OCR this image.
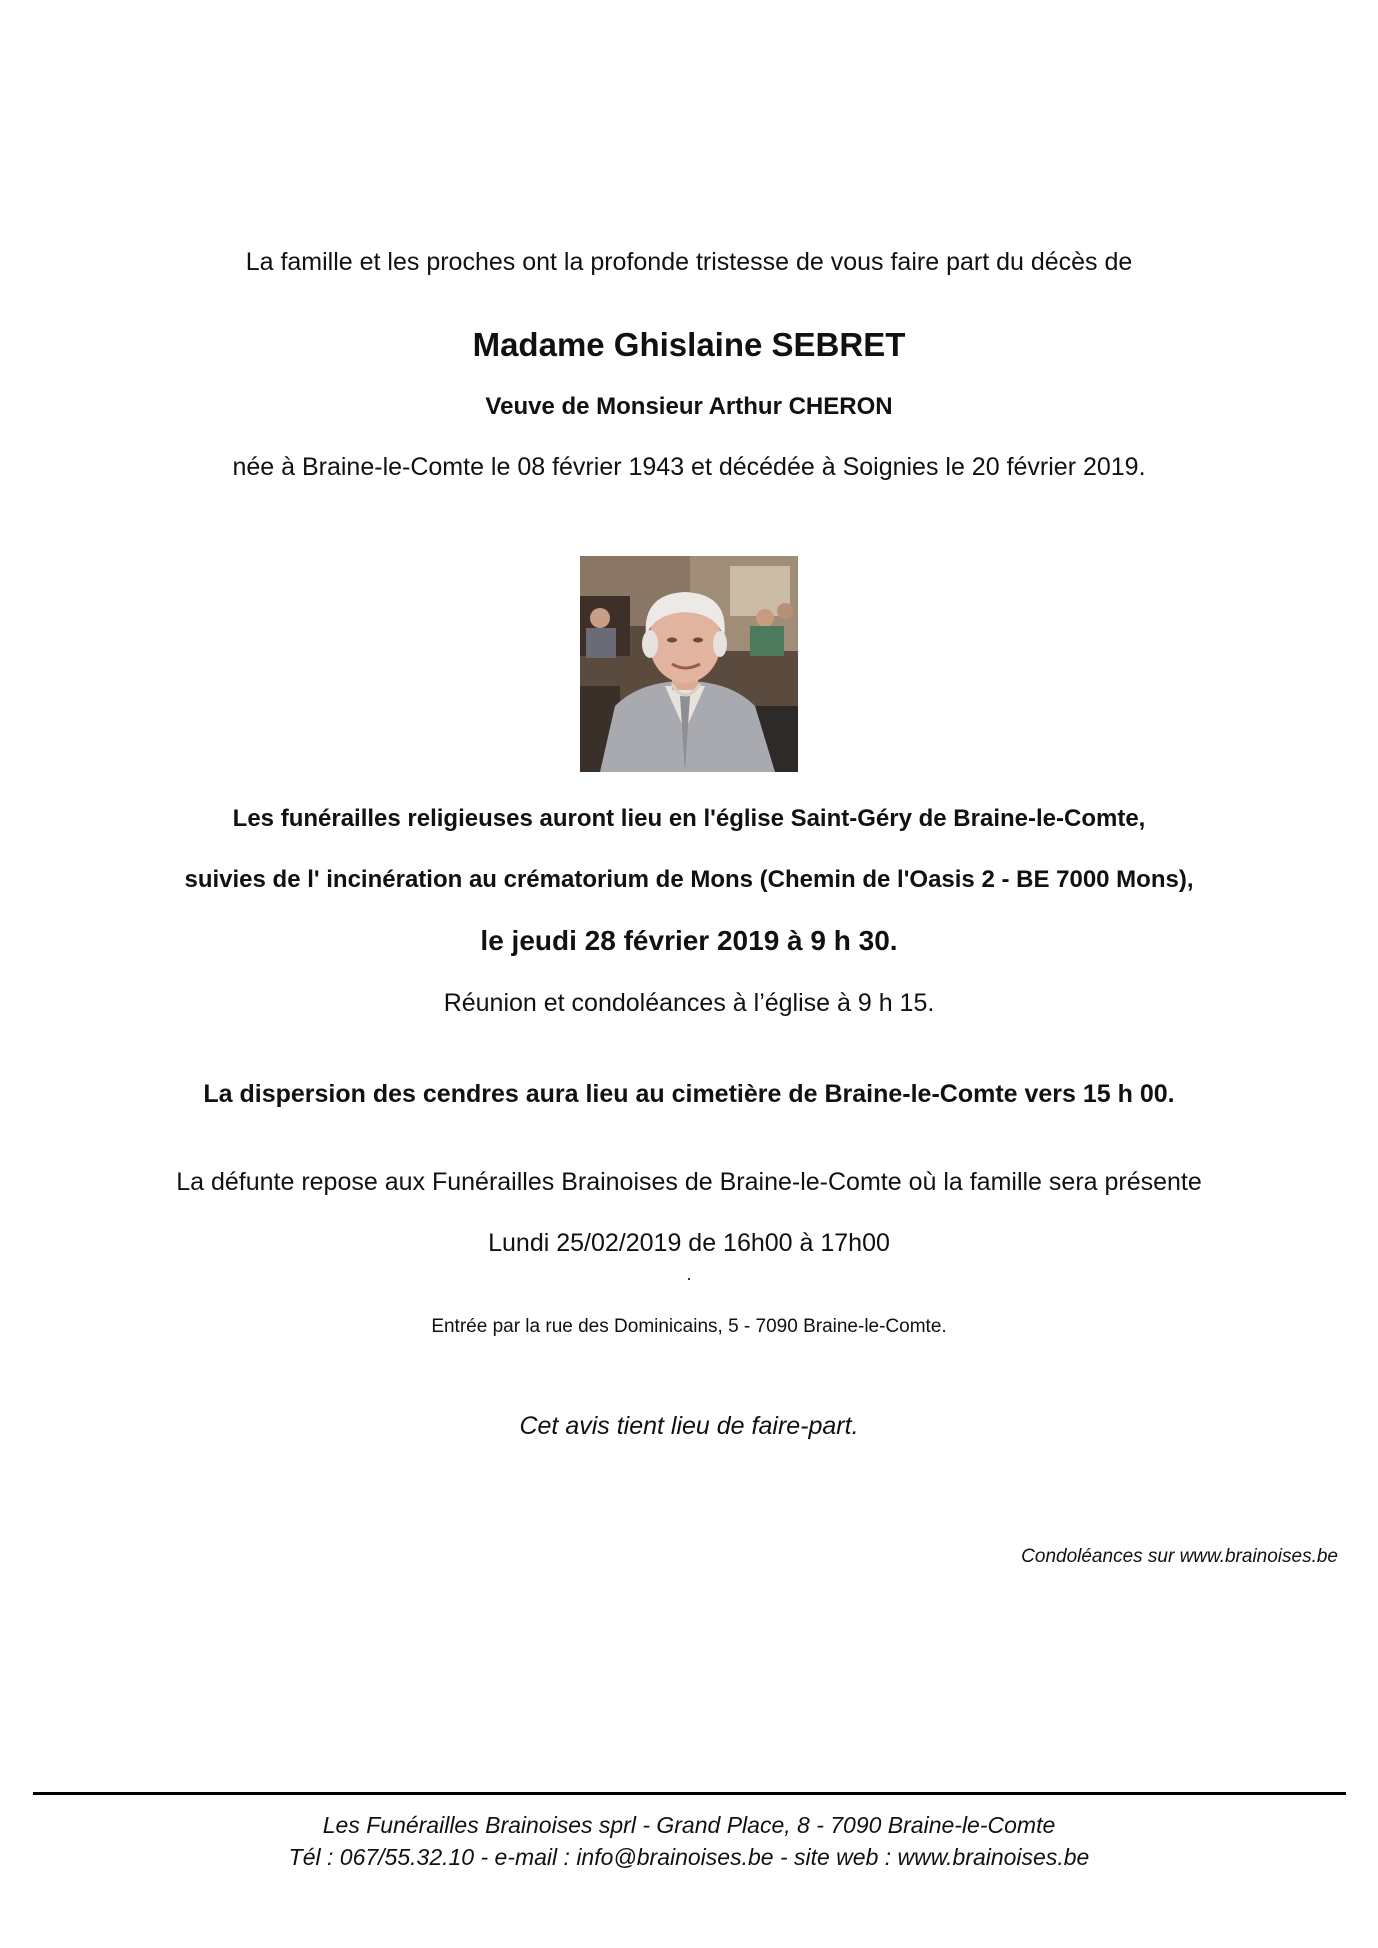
La famille et les proches ont la profonde tristesse de vous faire part du décès de
Madame Ghislaine SEBRET
Veuve de Monsieur Arthur CHERON
née à Braine-le-Comte le 08 février 1943 et décédée à Soignies le 20 février 2019.
Les funérailles religieuses auront lieu en l'église Saint-Géry de Braine-le-Comte,
suivies de l' incinération au crématorium de Mons (Chemin de l'Oasis 2 - BE 7000 Mons),
le jeudi 28 février 2019 à 9 h 30.
Réunion et condoléances à l’église à 9 h 15.
La dispersion des cendres aura lieu au cimetière de Braine-le-Comte vers 15 h 00.
La défunte repose aux Funérailles Brainoises de Braine-le-Comte où la famille sera présente
Lundi 25/02/2019 de 16h00 à 17h00
.
Entrée par la rue des Dominicains, 5 - 7090 Braine-le-Comte.
Cet avis tient lieu de faire-part.
Condoléances sur www.brainoises.be
Les Funérailles Brainoises sprl - Grand Place, 8 - 7090 Braine-le-Comte
Tél : 067/55.32.10 - e-mail : info@brainoises.be - site web : www.brainoises.be
